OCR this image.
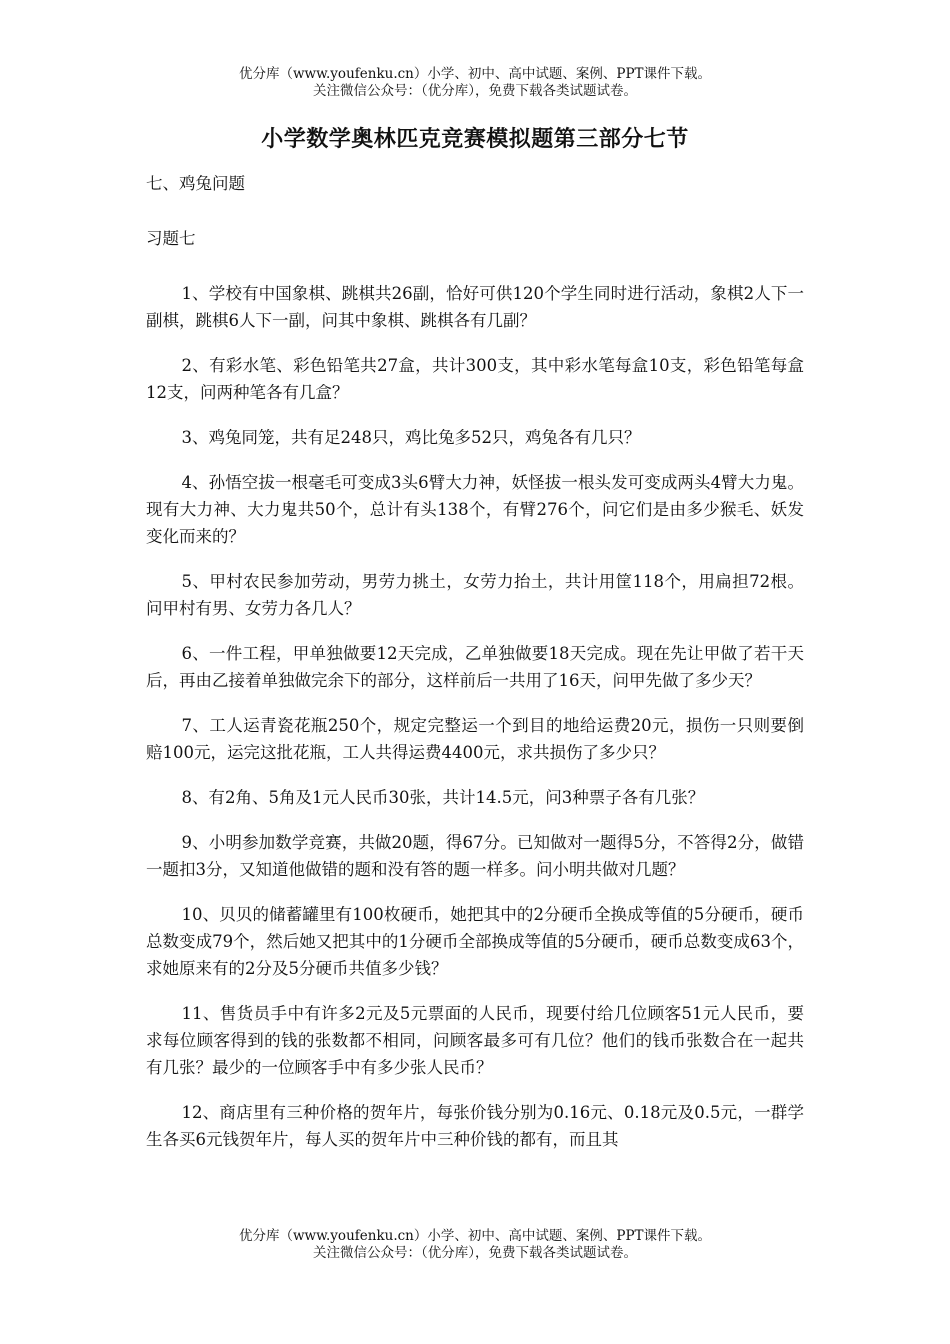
优分库（www.youfenku.cn）小学、初中、高中试题、案例、PPT课件下载。
关注微信公众号：（优分库），免费下载各类试题试卷。
小学数学奥林匹克竞赛模拟题第三部分七节

七、鸡兔问题

习题七

1、学校有中国象棋、跳棋共26副，恰好可供120个学生同时进行活动，象棋2人下一副棋，跳棋6人下一副，问其中象棋、跳棋各有几副？

2、有彩水笔、彩色铅笔共27盒，共计300支，其中彩水笔每盒10支，彩色铅笔每盒12支，问两种笔各有几盒？

3、鸡兔同笼，共有足248只，鸡比兔多52只，鸡兔各有几只？

4、孙悟空拔一根毫毛可变成3头6臂大力神，妖怪拔一根头发可变成两头4臂大力鬼。现有大力神、大力鬼共50个，总计有头138个，有臂276个，问它们是由多少猴毛、妖发变化而来的？

5、甲村农民参加劳动，男劳力挑土，女劳力抬土，共计用筐118个，用扁担72根。问甲村有男、女劳力各几人？

6、一件工程，甲单独做要12天完成，乙单独做要18天完成。现在先让甲做了若干天后，再由乙接着单独做完余下的部分，这样前后一共用了16天，问甲先做了多少天？

7、工人运青瓷花瓶250个，规定完整运一个到目的地给运费20元，损伤一只则要倒赔100元，运完这批花瓶，工人共得运费4400元，求共损伤了多少只？

8、有2角、5角及1元人民币30张，共计14.5元，问3种票子各有几张？

9、小明参加数学竞赛，共做20题，得67分。已知做对一题得5分，不答得2分，做错一题扣3分，又知道他做错的题和没有答的题一样多。问小明共做对几题？

10、贝贝的储蓄罐里有100枚硬币，她把其中的2分硬币全换成等值的5分硬币，硬币总数变成79个，然后她又把其中的1分硬币全部换成等值的5分硬币，硬币总数变成63个，求她原来有的2分及5分硬币共值多少钱？

11、售货员手中有许多2元及5元票面的人民币，现要付给几位顾客51元人民币，要求每位顾客得到的钱的张数都不相同，问顾客最多可有几位？他们的钱币张数合在一起共有几张？最少的一位顾客手中有多少张人民币？

12、商店里有三种价格的贺年片，每张价钱分别为0.16元、0.18元及0.5元，一群学生各买6元钱贺年片，每人买的贺年片中三种价钱的都有，而且其

优分库（www.youfenku.cn）小学、初中、高中试题、案例、PPT课件下载。
关注微信公众号：（优分库），免费下载各类试题试卷。
